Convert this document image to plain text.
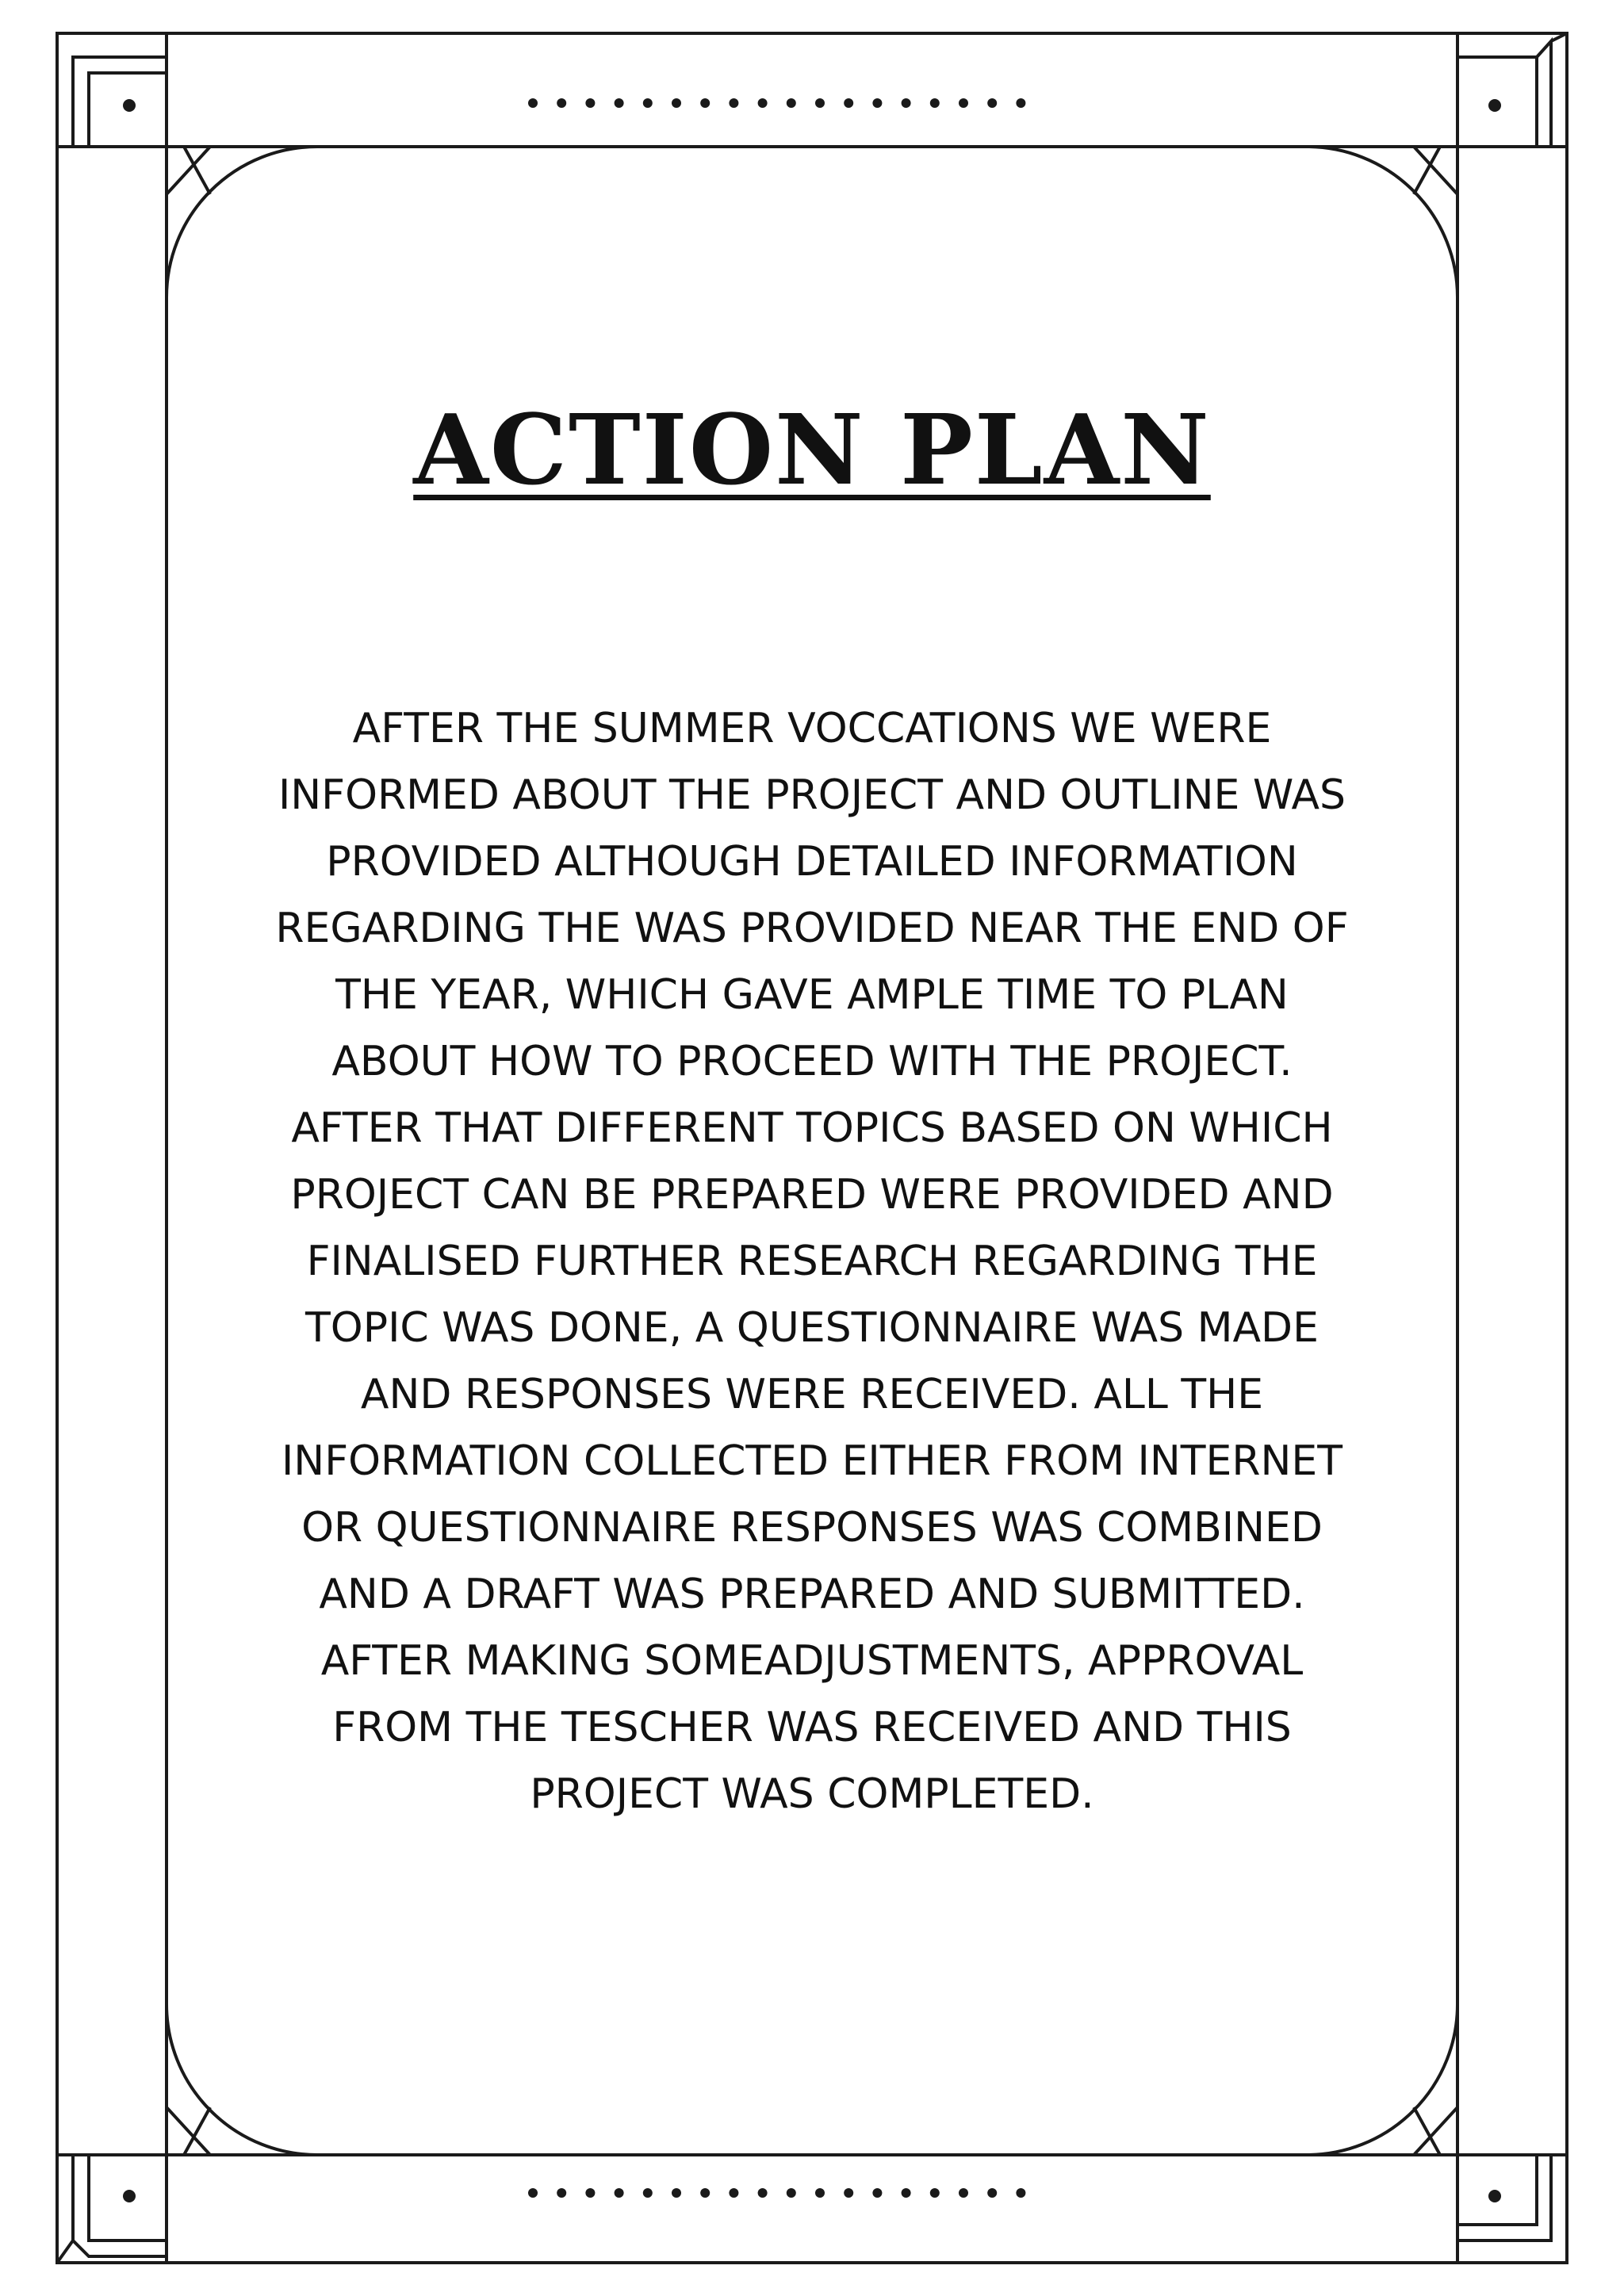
ACTION PLAN

AFTER THE SUMMER VOCCATIONS WE WERE
INFORMED ABOUT THE PROJECT AND OUTLINE WAS
PROVIDED ALTHOUGH DETAILED INFORMATION
REGARDING THE WAS PROVIDED NEAR THE END OF
THE YEAR, WHICH GAVE AMPLE TIME TO PLAN
ABOUT HOW TO PROCEED WITH THE PROJECT.
AFTER THAT DIFFERENT TOPICS BASED ON WHICH
PROJECT CAN BE PREPARED WERE PROVIDED AND
FINALISED FURTHER RESEARCH REGARDING THE
TOPIC WAS DONE, A QUESTIONNAIRE WAS MADE
AND RESPONSES WERE RECEIVED. ALL THE
INFORMATION COLLECTED EITHER FROM INTERNET
OR QUESTIONNAIRE RESPONSES WAS COMBINED
AND A DRAFT WAS PREPARED AND SUBMITTED.
AFTER MAKING SOMEADJUSTMENTS, APPROVAL
FROM THE TESCHER WAS RECEIVED AND THIS
PROJECT WAS COMPLETED.
